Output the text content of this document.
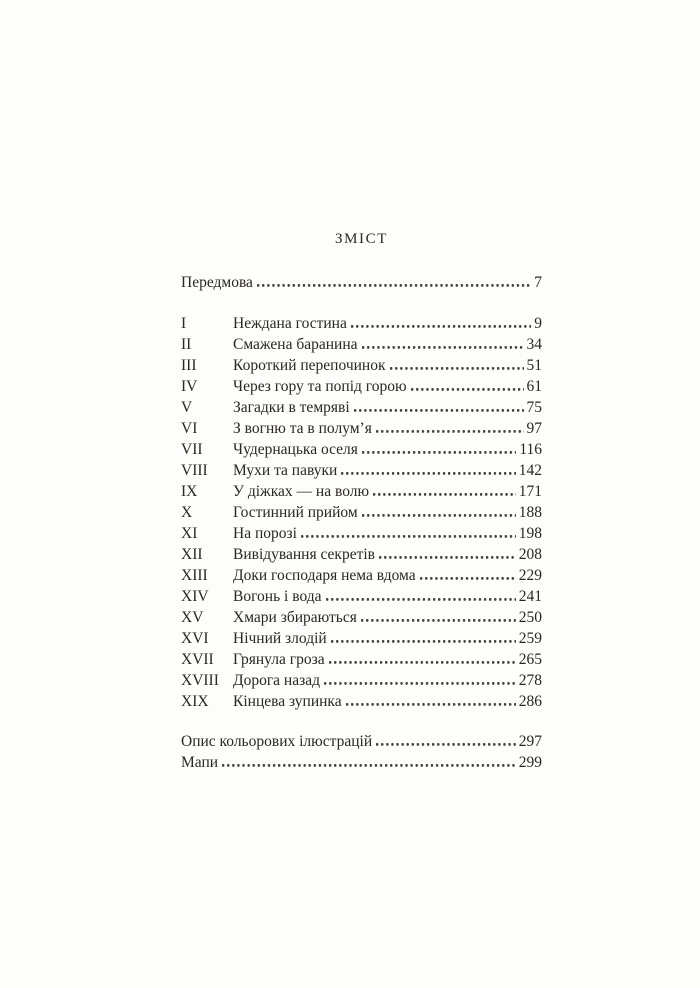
ЗМІСТ
Передмова	7
I	Неждана гостина	9
II	Смажена баранина	34
III	Короткий перепочинок	51
IV	Через гору та попід горою	61
V	Загадки в темряві	75
VI	З вогню та в полум’я	97
VII	Чудернацька оселя	116
VIII	Мухи та павуки	142
IX	У діжках — на волю	171
X	Гостинний прийом	188
XI	На порозі	198
XII	Вивідування секретів	208
XIII	Доки господаря нема вдома	229
XIV	Вогонь і вода	241
XV	Хмари збираються	250
XVI	Нічний злодій	259
XVII	Грянула гроза	265
XVIII Дорога назад	278
XIX	Кінцева зупинка	286
Опис кольорових ілюстрацій	297
Мапи	299
